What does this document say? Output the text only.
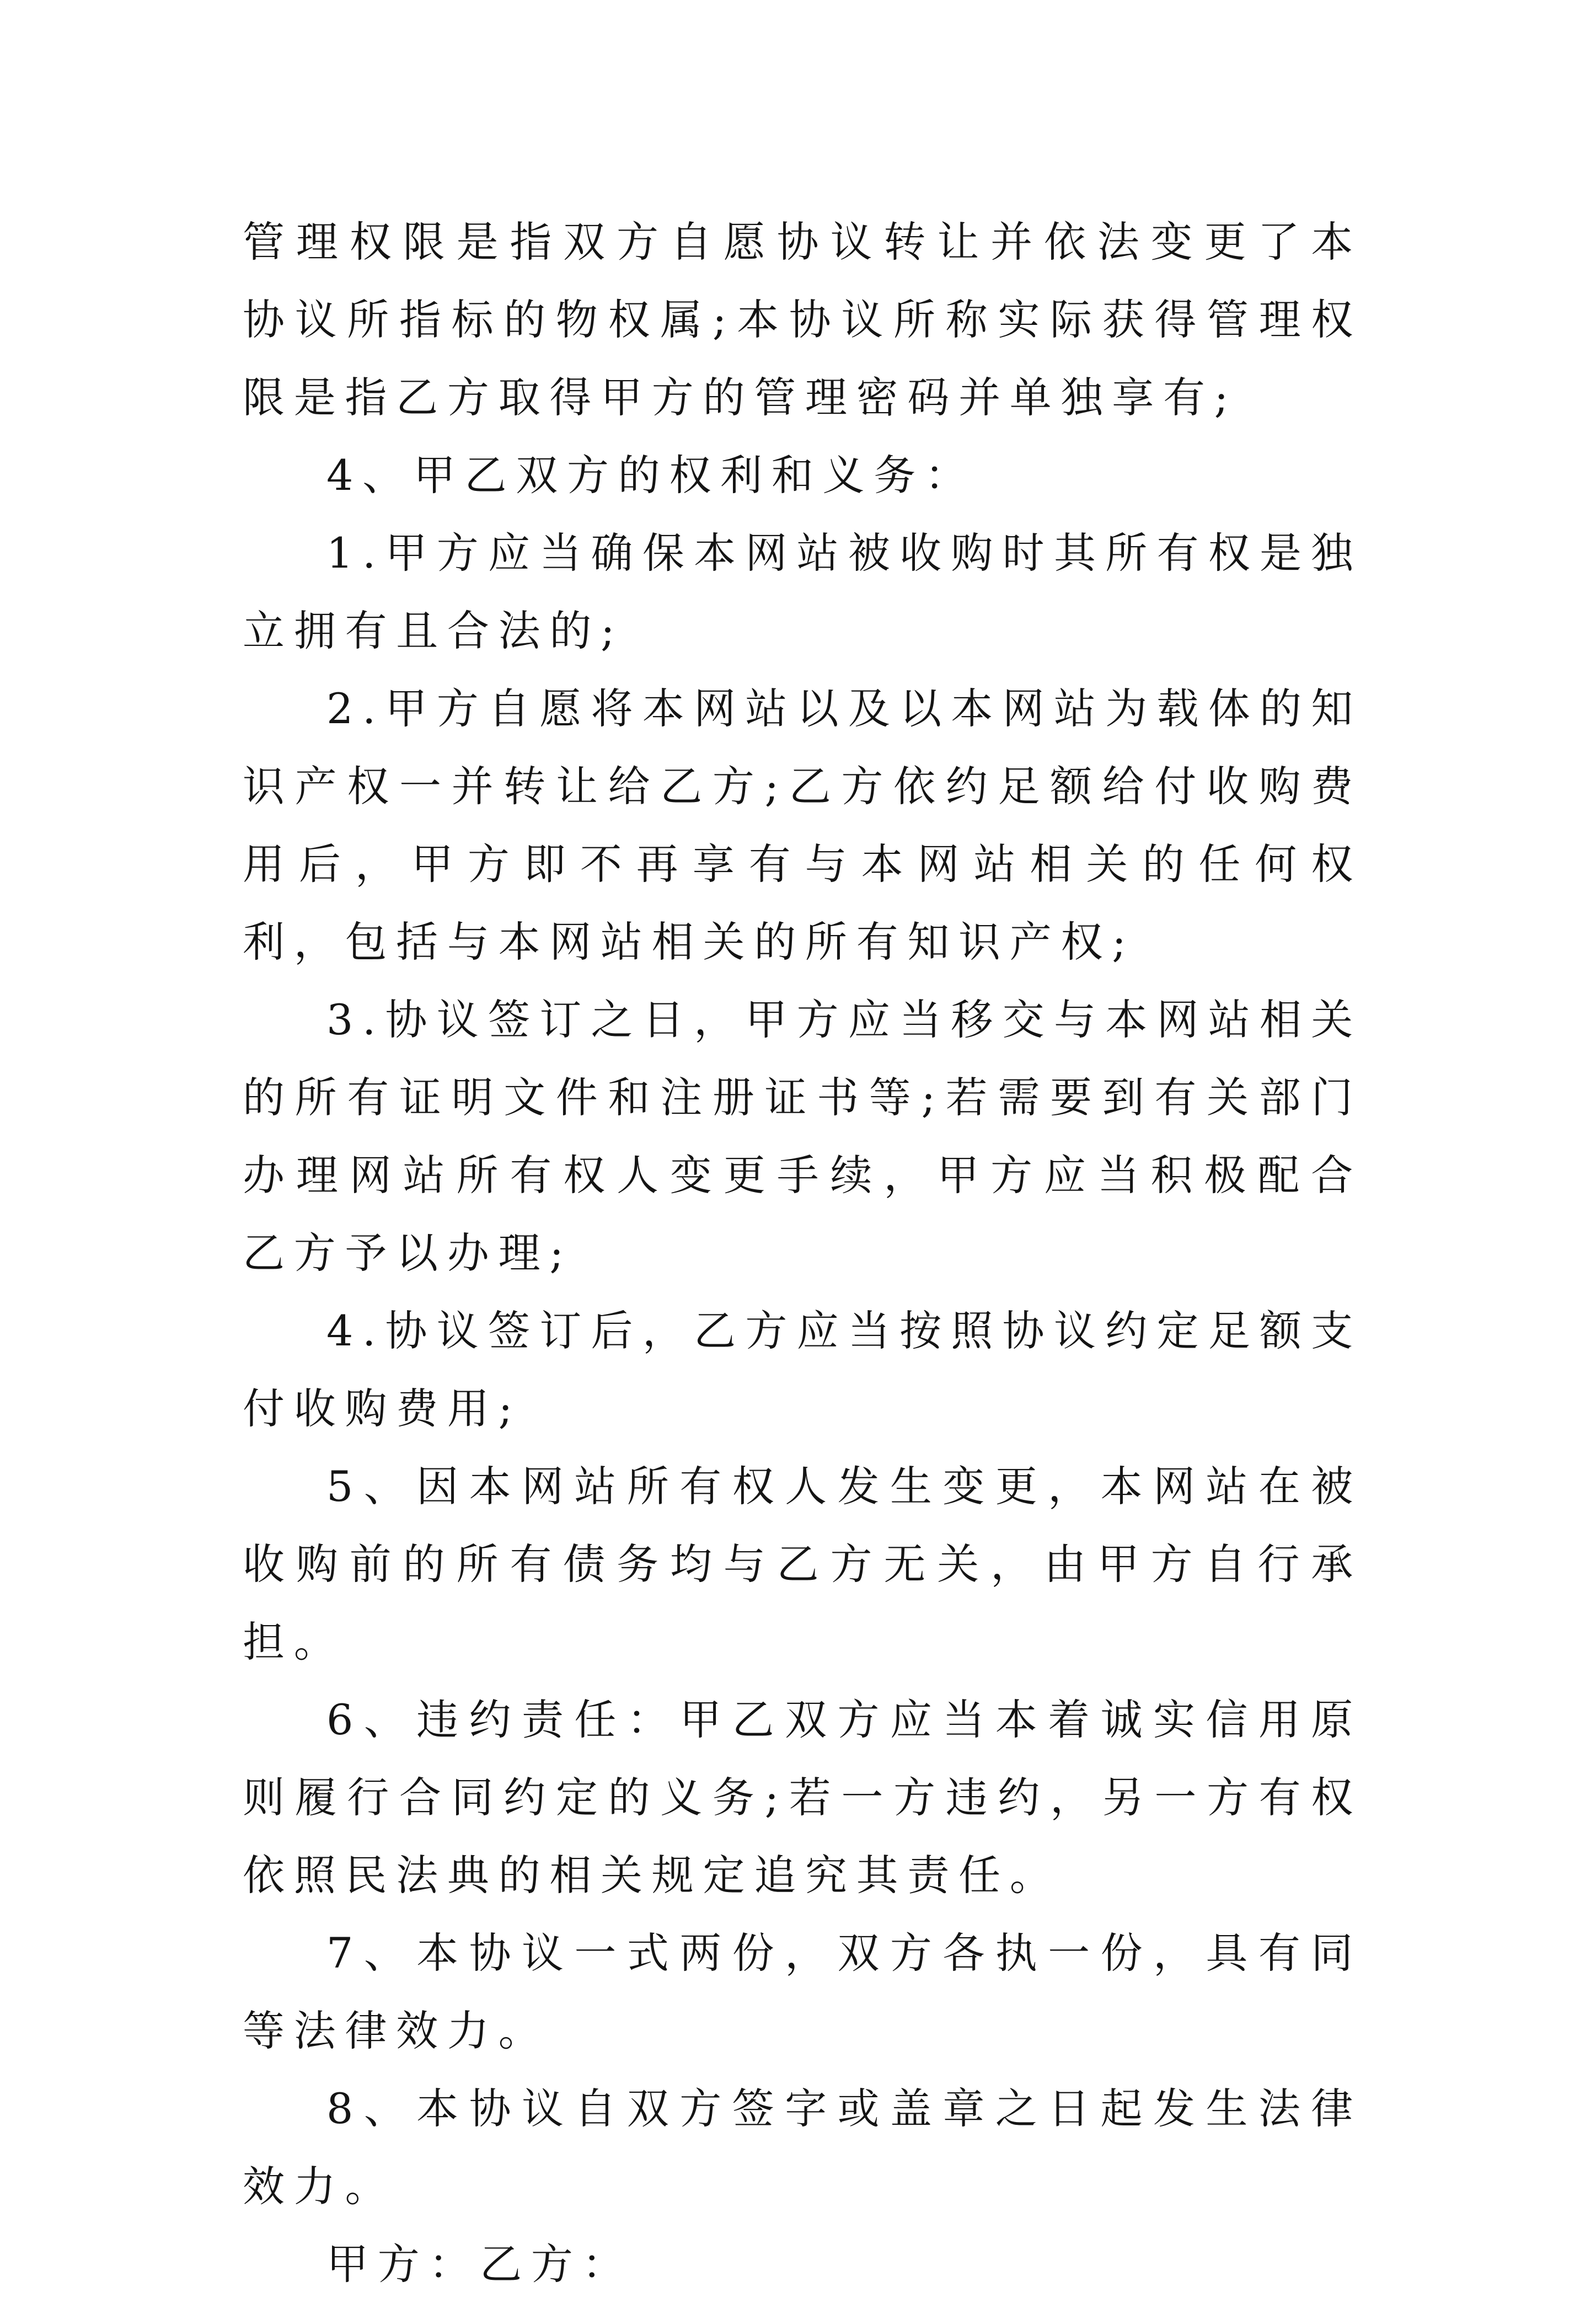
管理权限是指双方自愿协议转让并依法变更了本协议所指标的物权属;本协议所称实际获得管理权限是指乙方取得甲方的管理密码并单独享有;

4、甲乙双方的权利和义务：

1.甲方应当确保本网站被收购时其所有权是独立拥有且合法的;

2.甲方自愿将本网站以及以本网站为载体的知识产权一并转让给乙方;乙方依约足额给付收购费用后，甲方即不再享有与本网站相关的任何权利，包括与本网站相关的所有知识产权;

3.协议签订之日，甲方应当移交与本网站相关的所有证明文件和注册证书等;若需要到有关部门办理网站所有权人变更手续，甲方应当积极配合乙方予以办理;

4.协议签订后，乙方应当按照协议约定足额支付收购费用;

5、因本网站所有权人发生变更，本网站在被收购前的所有债务均与乙方无关，由甲方自行承担。

6、违约责任：甲乙双方应当本着诚实信用原则履行合同约定的义务;若一方违约，另一方有权依照民法典的相关规定追究其责任。

7、本协议一式两份，双方各执一份，具有同等法律效力。

8、本协议自双方签字或盖章之日起发生法律效力。

甲方：乙方：
